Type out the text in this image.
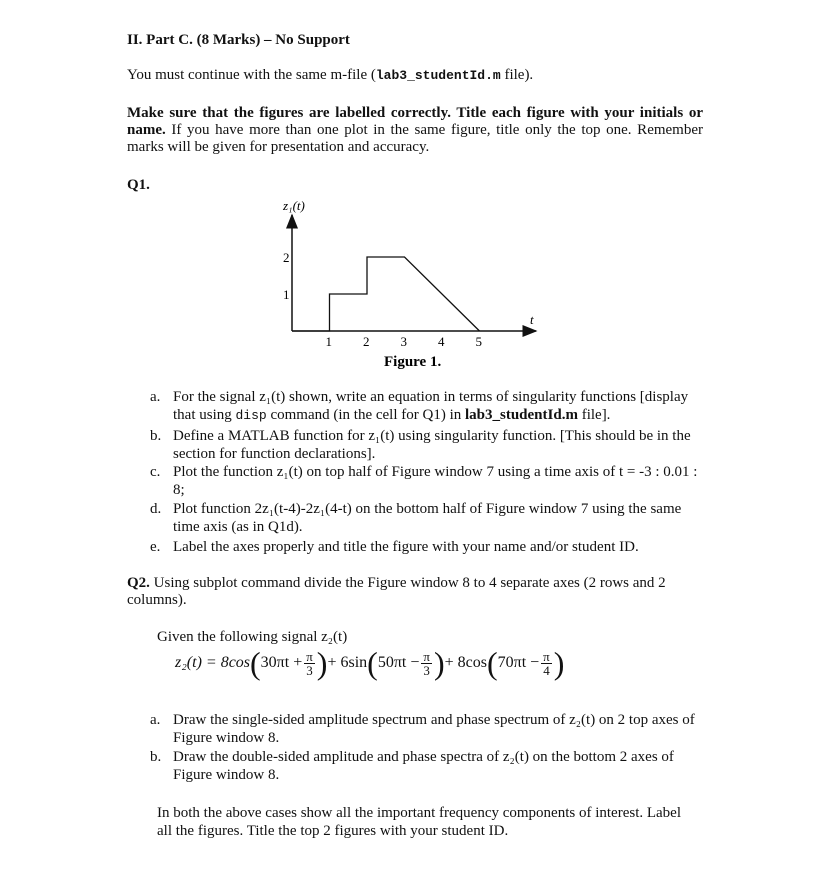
II. Part C. (8 Marks) – No Support
You must continue with the same m-file (lab3_studentId.m file).
Make sure that the figures are labelled correctly. Title each figure with your initials or name. If you have more than one plot in the same figure, title only the top one. Remember marks will be given for presentation and accuracy.
Q1.
z₁(t)
t
1 2 3 4 5
1
2
Figure 1.
a. For the signal z₁(t) shown, write an equation in terms of singularity functions [display that using disp command (in the cell for Q1) in lab3_studentId.m file].
b. Define a MATLAB function for z₁(t) using singularity function. [This should be in the section for function declarations].
c. Plot the function z₁(t) on top half of Figure window 7 using a time axis of t = -3 : 0.01 : 8;
d. Plot function 2z₁(t-4)-2z₁(4-t) on the bottom half of Figure window 7 using the same time axis (as in Q1d).
e. Label the axes properly and title the figure with your name and/or student ID.
Q2. Using subplot command divide the Figure window 8 to 4 separate axes (2 rows and 2 columns).
Given the following signal z₂(t)
$z_2(t) = 8\cos(30\pi t + \frac{\pi}{3}$ )+ $6\sin(50\pi t - \frac{\pi}{3}$ )+ $8\cos(70\pi t - \frac{\pi}{4}$ )
a. Draw the single-sided amplitude spectrum and phase spectrum of z₂(t) on 2 top axes of Figure window 8.
b. Draw the double-sided amplitude and phase spectra of z₂(t) on the bottom 2 axes of Figure window 8.
In both the above cases show all the important frequency components of interest. Label all the figures. Title the top 2 figures with your student ID.
